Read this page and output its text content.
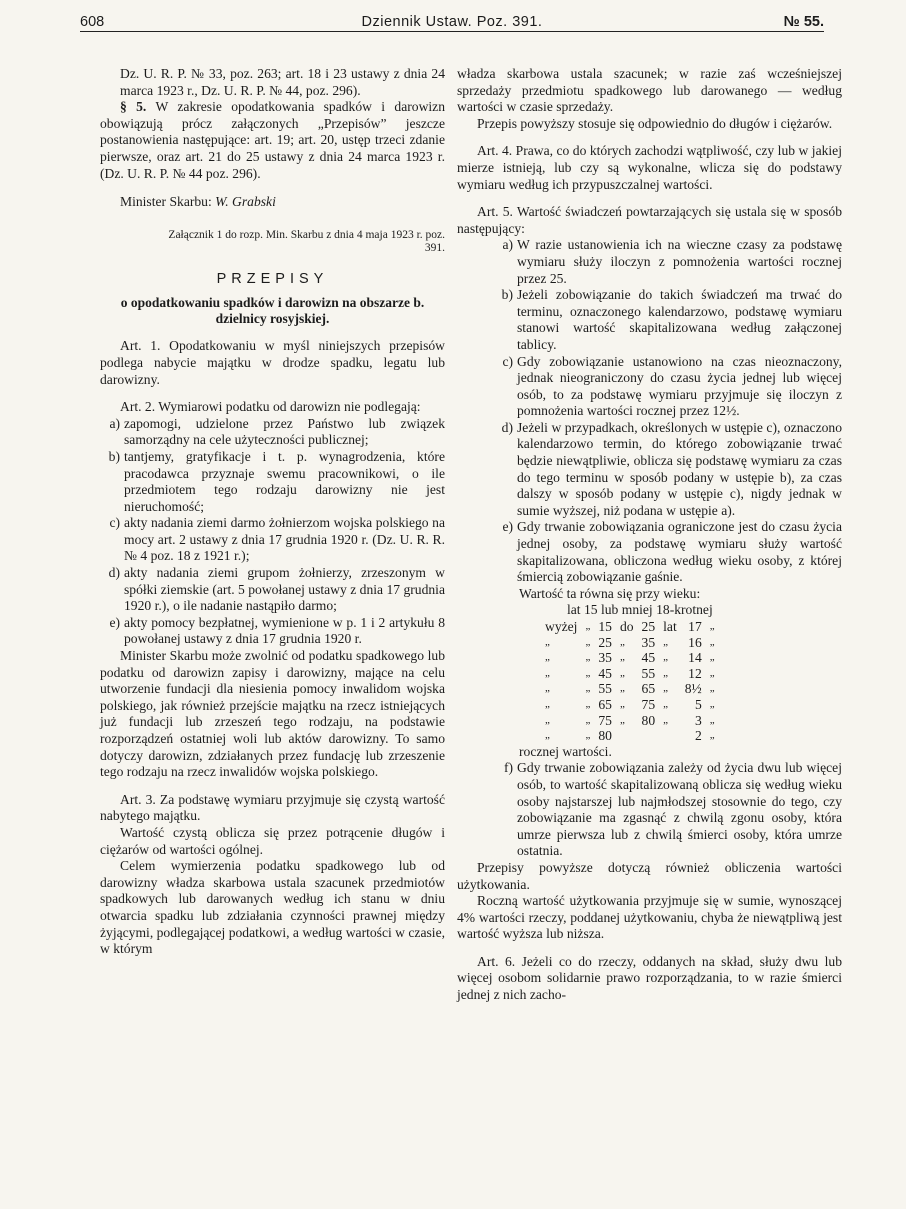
608	Dziennik Ustaw. Poz. 391.	№ 55.

Dz. U. R. P. № 33, poz. 263; art. 18 i 23 ustawy z dnia 24 marca 1923 r., Dz. U. R. P. № 44, poz. 296).

§ 5. W zakresie opodatkowania spadków i darowizn obowiązują prócz załączonych „Przepisów” jeszcze postanowienia następujące: art. 19; art. 20, ustęp trzeci zdanie pierwsze, oraz art. 21 do 25 ustawy z dnia 24 marca 1923 r. (Dz. U. R. P. № 44 poz. 296).

Minister Skarbu: W. Grabski

Załącznik 1 do rozp. Min. Skarbu z dnia 4 maja 1923 r. poz. 391.

PRZEPISY

o opodatkowaniu spadków i darowizn na obszarze b. dzielnicy rosyjskiej.

Art. 1. Opodatkowaniu w myśl niniejszych przepisów podlega nabycie majątku w drodze spadku, legatu lub darowizny.

Art. 2. Wymiarowi podatku od darowizn nie podlegają:

a) zapomogi, udzielone przez Państwo lub związek samorządny na cele użyteczności publicznej;
b) tantjemy, gratyfikacje i t. p. wynagrodzenia, które pracodawca przyznaje swemu pracownikowi, o ile przedmiotem tego rodzaju darowizny nie jest nieruchomość;
c) akty nadania ziemi darmo żołnierzom wojska polskiego na mocy art. 2 ustawy z dnia 17 grudnia 1920 r. (Dz. U. R. R. № 4 poz. 18 z 1921 r.);
d) akty nadania ziemi grupom żołnierzy, zrzeszonym w spółki ziemskie (art. 5 powołanej ustawy z dnia 17 grudnia 1920 r.), o ile nadanie nastąpiło darmo;
e) akty pomocy bezpłatnej, wymienione w p. 1 i 2 artykułu 8 powołanej ustawy z dnia 17 grudnia 1920 r.

Minister Skarbu może zwolnić od podatku spadkowego lub podatku od darowizn zapisy i darowizny, mające na celu utworzenie fundacji dla niesienia pomocy inwalidom wojska polskiego, jak również przejście majątku na rzecz istniejących już fundacji lub zrzeszeń tego rodzaju, na podstawie rozporządzeń ostatniej woli lub aktów darowizny. To samo dotyczy darowizn, zdziałanych przez fundację lub zrzeszenie tego rodzaju na rzecz inwalidów wojska polskiego.

Art. 3. Za podstawę wymiaru przyjmuje się czystą wartość nabytego majątku.

Wartość czystą oblicza się przez potrącenie długów i ciężarów od wartości ogólnej.

Celem wymierzenia podatku spadkowego lub od darowizny władza skarbowa ustala szacunek przedmiotów spadkowych lub darowanych według ich stanu w dniu otwarcia spadku lub zdziałania czynności prawnej między żyjącymi, podlegającej podatkowi, a według wartości w czasie, w którym

władza skarbowa ustala szacunek; w razie zaś wcześniejszej sprzedaży przedmiotu spadkowego lub darowanego — według wartości w czasie sprzedaży.

Przepis powyższy stosuje się odpowiednio do długów i ciężarów.

Art. 4. Prawa, co do których zachodzi wątpliwość, czy lub w jakiej mierze istnieją, lub czy są wykonalne, wlicza się do podstawy wymiaru według ich przypuszczalnej wartości.

Art. 5. Wartość świadczeń powtarzających się ustala się w sposób następujący:

a) W razie ustanowienia ich na wieczne czasy za podstawę wymiaru służy iloczyn z pomnożenia wartości rocznej przez 25.
b) Jeżeli zobowiązanie do takich świadczeń ma trwać do terminu, oznaczonego kalendarzowo, podstawę wymiaru stanowi wartość skapitalizowana według załączonej tablicy.
c) Gdy zobowiązanie ustanowiono na czas nieoznaczony, jednak nieograniczony do czasu życia jednej lub więcej osób, to za podstawę wymiaru przyjmuje się iloczyn z pomnożenia wartości rocznej przez 12½.
d) Jeżeli w przypadkach, określonych w ustępie c), oznaczono kalendarzowo termin, do którego zobowiązanie trwać będzie niewątpliwie, oblicza się podstawę wymiaru za czas do tego terminu w sposób podany w ustępie b), za czas dalszy w sposób podany w ustępie c), nigdy jednak w sumie wyższej, niż podana w ustępie a).
e) Gdy trwanie zobowiązania ograniczone jest do czasu życia jednej osoby, za podstawę wymiaru służy wartość skapitalizowana, obliczona według wieku osoby, z której śmiercią zobowiązanie gaśnie.

Wartość ta równa się przy wieku:

lat 15 lub mniej 18-krotnej

wyżej	„	15	do	25	lat	17	„
„	„	25	„	35	„	16	„
„	„	35	„	45	„	14	„
„	„	45	„	55	„	12	„
„	„	55	„	65	„	8½	„
„	„	65	„	75	„	5	„
„	„	75	„	80	„	3	„
„	„	80				2	„

rocznej wartości.

f) Gdy trwanie zobowiązania zależy od życia dwu lub więcej osób, to wartość skapitalizowaną oblicza się według wieku osoby najstarszej lub najmłodszej stosownie do tego, czy zobowiązanie ma zgasnąć z chwilą zgonu osoby, która umrze pierwsza lub z chwilą śmierci osoby, która umrze ostatnia.

Przepisy powyższe dotyczą również obliczenia wartości użytkowania.

Roczną wartość użytkowania przyjmuje się w sumie, wynoszącej 4% wartości rzeczy, poddanej użytkowaniu, chyba że niewątpliwą jest wartość wyższa lub niższa.

Art. 6. Jeżeli co do rzeczy, oddanych na skład, służy dwu lub więcej osobom solidarnie prawo rozporządzania, to w razie śmierci jednej z nich zacho-
